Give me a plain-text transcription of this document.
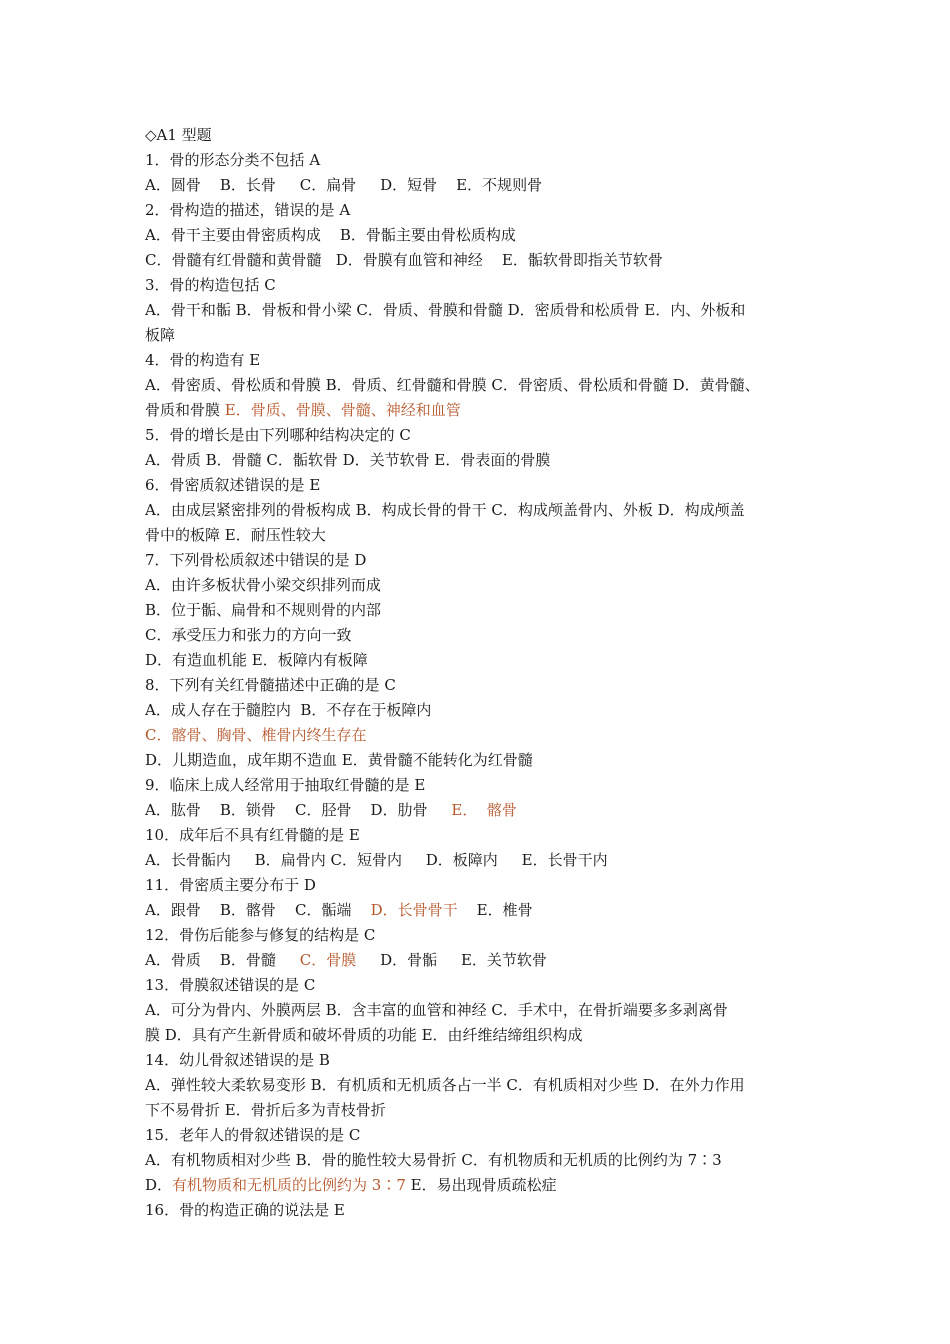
◇A1 型题
1．骨的形态分类不包括 A
A．圆骨    B．长骨     C．扁骨     D．短骨    E．不规则骨
2．骨构造的描述，错误的是 A
A．骨干主要由骨密质构成    B．骨骺主要由骨松质构成
C．骨髓有红骨髓和黄骨髓   D．骨膜有血管和神经    E．骺软骨即指关节软骨
3．骨的构造包括 C
A．骨干和骺 B．骨板和骨小梁 C．骨质、骨膜和骨髓 D．密质骨和松质骨 E．内、外板和
板障
4．骨的构造有 E
A．骨密质、骨松质和骨膜 B．骨质、红骨髓和骨膜 C．骨密质、骨松质和骨髓 D．黄骨髓、
骨质和骨膜 E．骨质、骨膜、骨髓、神经和血管
5．骨的增长是由下列哪种结构决定的 C
A．骨质 B．骨髓 C．骺软骨 D．关节软骨 E．骨表面的骨膜
6．骨密质叙述错误的是 E
A．由成层紧密排列的骨板构成 B．构成长骨的骨干 C．构成颅盖骨内、外板 D．构成颅盖
骨中的板障 E．耐压性较大
7．下列骨松质叙述中错误的是 D
A．由许多板状骨小梁交织排列而成
B．位于骺、扁骨和不规则骨的内部
C．承受压力和张力的方向一致
D．有造血机能 E．板障内有板障
8．下列有关红骨髓描述中正确的是 C
A．成人存在于髓腔内  B．不存在于板障内
C．髂骨、胸骨、椎骨内终生存在
D．儿期造血，成年期不造血 E．黄骨髓不能转化为红骨髓
9．临床上成人经常用于抽取红骨髓的是 E
A．肱骨    B．锁骨    C．胫骨    D．肋骨     E．  髂骨
10．成年后不具有红骨髓的是 E
A．长骨骺内     B．扁骨内 C．短骨内     D．板障内     E．长骨干内
11．骨密质主要分布于 D
A．跟骨    B．髂骨    C．骺端    D．长骨骨干    E．椎骨
12．骨伤后能参与修复的结构是 C
A．骨质    B．骨髓     C．骨膜     D．骨骺     E．关节软骨
13．骨膜叙述错误的是 C
A．可分为骨内、外膜两层 B．含丰富的血管和神经 C．手术中，在骨折端要多多剥离骨
膜 D．具有产生新骨质和破坏骨质的功能 E．由纤维结缔组织构成
14．幼儿骨叙述错误的是 B
A．弹性较大柔软易变形 B．有机质和无机质各占一半 C．有机质相对少些 D．在外力作用
下不易骨折 E．骨折后多为青枝骨折
15．老年人的骨叙述错误的是 C
A．有机物质相对少些 B．骨的脆性较大易骨折 C．有机物质和无机质的比例约为 7∶3
D．有机物质和无机质的比例约为 3∶7 E．易出现骨质疏松症
16．骨的构造正确的说法是 E
